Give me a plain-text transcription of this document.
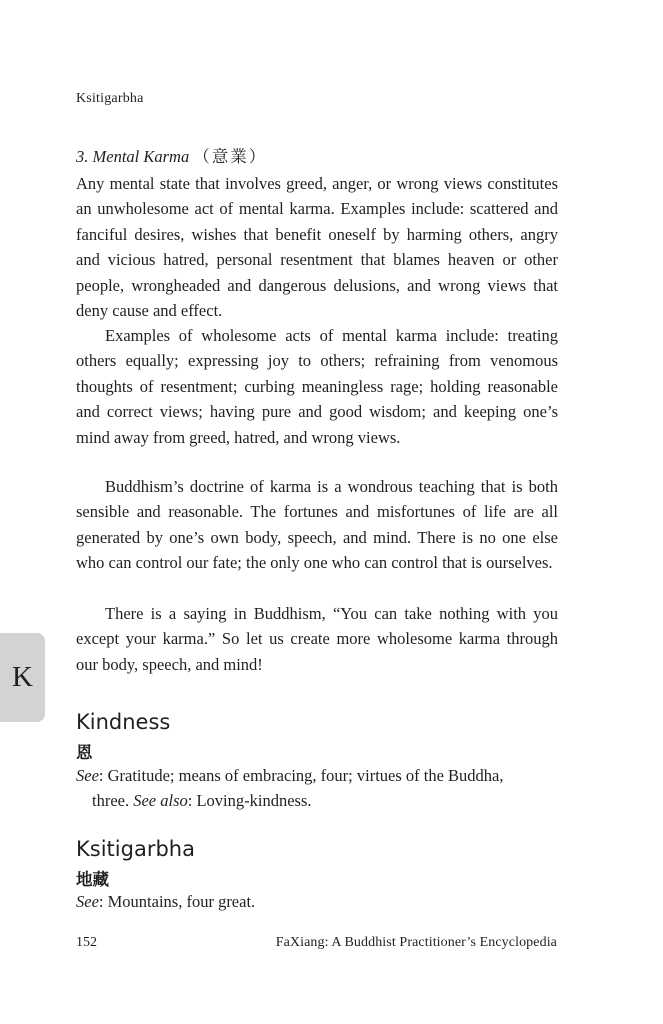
Ksitigarbha
3. Mental Karma （意業）

Any mental state that involves greed, anger, or wrong views constitutes an unwholesome act of mental karma. Examples include: scattered and fanciful desires, wishes that benefit oneself by harming others, angry and vicious hatred, personal resentment that blames heaven or other people, wrongheaded and dangerous delusions, and wrong views that deny cause and effect.

Examples of wholesome acts of mental karma include: treating others equally; expressing joy to others; refraining from venomous thoughts of resentment; curbing meaningless rage; holding reasonable and correct views; having pure and good wisdom; and keeping one’s mind away from greed, hatred, and wrong views.

Buddhism’s doctrine of karma is a wondrous teaching that is both sensible and reasonable. The fortunes and misfortunes of life are all generated by one’s own body, speech, and mind. There is no one else who can control our fate; the only one who can control that is ourselves.

There is a saying in Buddhism, “You can take nothing with you except your karma.” So let us create more wholesome karma through our body, speech, and mind!

K
Kindness
恩
See: Gratitude; means of embracing, four; virtues of the Buddha,
three. See also: Loving-kindness.
Ksitigarbha
地藏
See: Mountains, four great.
152	FaXiang: A Buddhist Practitioner’s Encyclopedia
